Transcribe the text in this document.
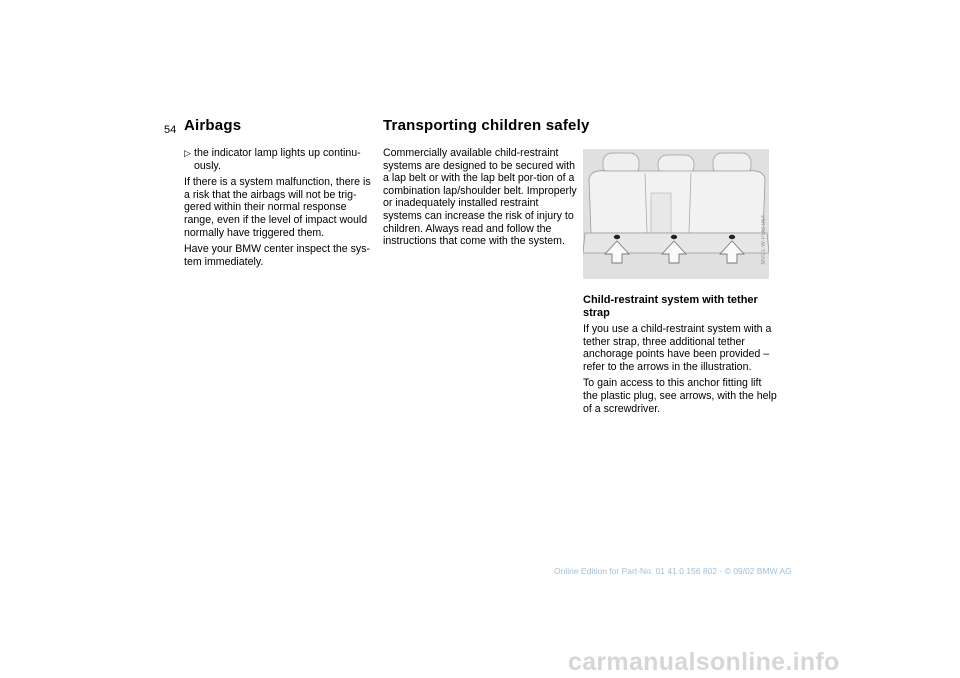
54 Airbags	Transporting children safely
▷ the indicator lamp lights up continu-ously.

If there is a system malfunction, there is a risk that the airbags will not be trig-gered within their normal response range, even if the level of impact would normally have triggered them.

Have your BMW center inspect the sys-tem immediately.

Commercially available child-restraint systems are designed to be secured with a lap belt or with the lap belt por-tion of a combination lap/shoulder belt. Improperly or inadequately installed restraint systems can increase the risk of injury to children. Always read and follow the instructions that come with the system.	MV01-W-PUB-964
Child-restraint system with tether strap

If you use a child-restraint system with a tether strap, three additional tether anchorage points have been provided – refer to the arrows in the illustration.

To gain access to this anchor fitting lift the plastic plug, see arrows, with the help of a screwdriver.

Online Edition for Part-No. 01 41 0 156 802 - © 09/02 BMW AG
carmanualsonline.info
